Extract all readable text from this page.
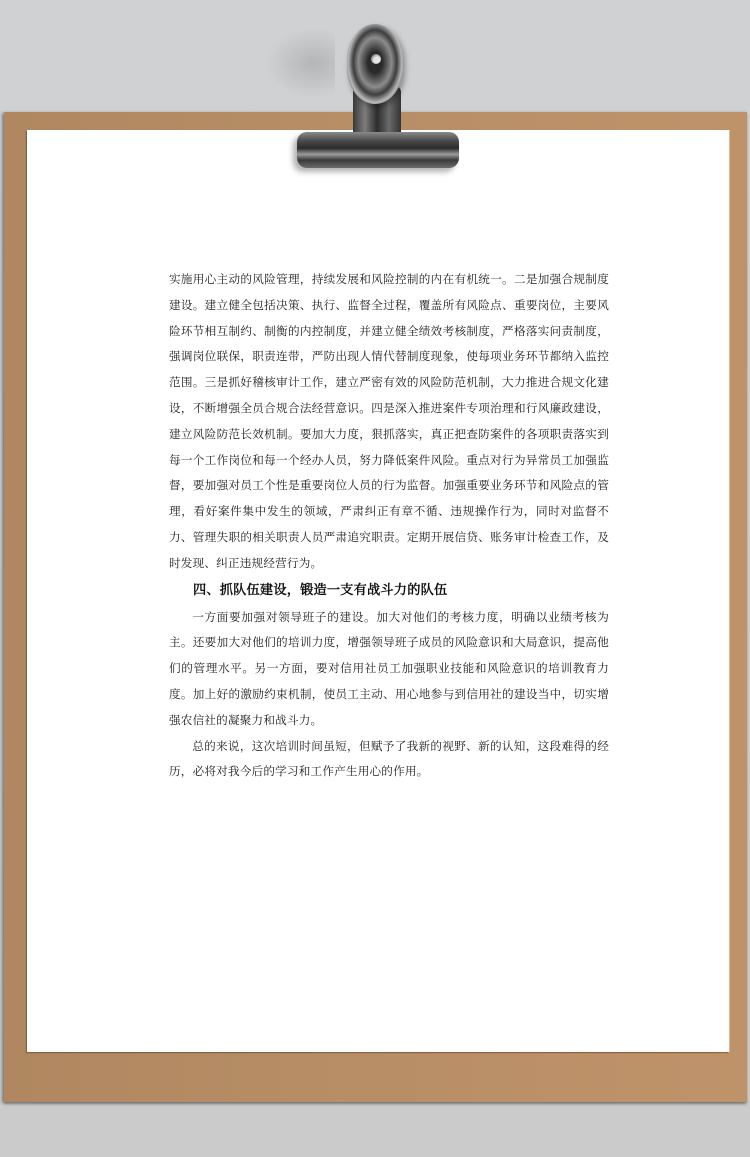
实施用心主动的风险管理，持续发展和风险控制的内在有机统一。二是加强合规制度建设。建立健全包括决策、执行、监督全过程，覆盖所有风险点、重要岗位，主要风险环节相互制约、制衡的内控制度，并建立健全绩效考核制度，严格落实问责制度，强调岗位联保，职责连带，严防出现人情代替制度现象，使每项业务环节都纳入监控范围。三是抓好稽核审计工作，建立严密有效的风险防范机制，大力推进合规文化建设，不断增强全员合规合法经营意识。四是深入推进案件专项治理和行风廉政建设，建立风险防范长效机制。要加大力度，狠抓落实，真正把查防案件的各项职责落实到每一个工作岗位和每一个经办人员，努力降低案件风险。重点对行为异常员工加强监督，要加强对员工个性是重要岗位人员的行为监督。加强重要业务环节和风险点的管理，看好案件集中发生的领域，严肃纠正有章不循、违规操作行为，同时对监督不力、管理失职的相关职责人员严肃追究职责。定期开展信贷、账务审计检查工作，及时发现、纠正违规经营行为。

四、抓队伍建设，锻造一支有战斗力的队伍

一方面要加强对领导班子的建设。加大对他们的考核力度，明确以业绩考核为主。还要加大对他们的培训力度，增强领导班子成员的风险意识和大局意识，提高他们的管理水平。另一方面，要对信用社员工加强职业技能和风险意识的培训教育力度。加上好的激励约束机制，使员工主动、用心地参与到信用社的建设当中，切实增强农信社的凝聚力和战斗力。

总的来说，这次培训时间虽短，但赋予了我新的视野、新的认知，这段难得的经历，必将对我今后的学习和工作产生用心的作用。
